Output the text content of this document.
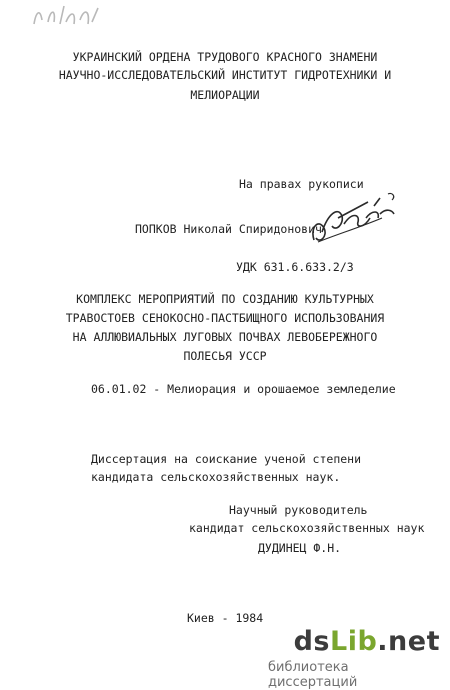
УКРАИНСКИЙ ОРДЕНА ТРУДОВОГО КРАСНОГО ЗНАМЕНИ
НАУЧНО-ИССЛЕДОВАТЕЛЬСКИЙ ИНСТИТУТ ГИДРОТЕХНИКИ И
МЕЛИОРАЦИИ
На правах рукописи
ПОПКОВ Николай Спиридонович
УДК 631.6.633.2/3
КОМПЛЕКС МЕРОПРИЯТИЙ ПО СОЗДАНИЮ КУЛЬТУРНЫХ
ТРАВОСТОЕВ СЕНОКОСНО-ПАСТБИЩНОГО ИСПОЛЬЗОВАНИЯ
НА АЛЛЮВИАЛЬНЫХ ЛУГОВЫХ ПОЧВАХ ЛЕВОБЕРЕЖНОГО
ПОЛЕСЬЯ УССР
06.01.02 - Мелиорация и орошаемое земледелие
Диссертация на соискание ученой степени
кандидата сельскохозяйственных наук.
Научный руководитель
кандидат сельскохозяйственных наук
ДУДИНЕЦ Ф.Н.
Киев - 1984
dsLib.net
библиотека диссертаций
